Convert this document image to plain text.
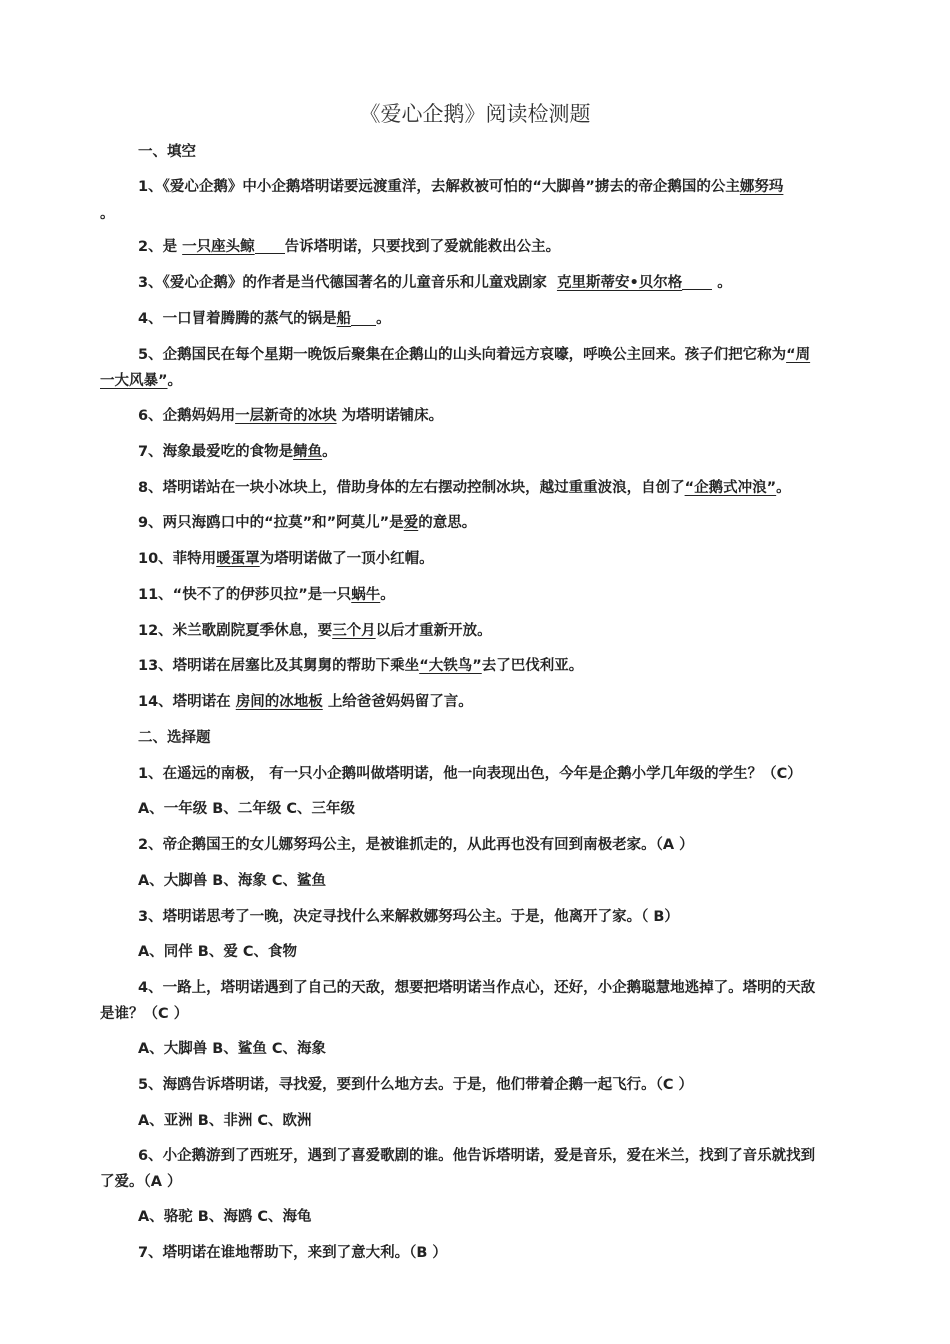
《爱心企鹅》阅读检测题
一、填空
1、《爱心企鹅》中小企鹅塔明诺要远渡重洋，去解救被可怕的“大脚兽”掳去的帝企鹅国的公主娜努玛
。
2、是 一只座头鲸 告诉塔明诺，只要找到了爱就能救出公主。
3、《爱心企鹅》的作者是当代德国著名的儿童音乐和儿童戏剧家 克里斯蒂安•贝尔格 。
4、一口冒着腾腾的蒸气的锅是船 。
5、企鹅国民在每个星期一晚饭后聚集在企鹅山的山头向着远方哀嚎，呼唤公主回来。孩子们把它称为“周
一大风暴”。
6、企鹅妈妈用一层新奇的冰块 为塔明诺铺床。
7、海象最爱吃的食物是鲭鱼。
8、塔明诺站在一块小冰块上，借助身体的左右摆动控制冰块，越过重重波浪，自创了“企鹅式冲浪”。
9、两只海鸥口中的“拉莫”和”阿莫儿”是爱的意思。
10、菲特用暖蛋罩为塔明诺做了一顶小红帽。
11、“快不了的伊莎贝拉”是一只蜗牛。
12、米兰歌剧院夏季休息，要三个月以后才重新开放。
13、塔明诺在居塞比及其舅舅的帮助下乘坐“大铁鸟”去了巴伐利亚。
14、塔明诺在 房间的冰地板 上给爸爸妈妈留了言。
二、选择题
1、在遥远的南极， 有一只小企鹅叫做塔明诺，他一向表现出色，今年是企鹅小学几年级的学生？（C）
A、一年级 B、二年级 C、三年级
2、帝企鹅国王的女儿娜努玛公主，是被谁抓走的，从此再也没有回到南极老家。（A ）
A、大脚兽 B、海象 C、鲨鱼
3、塔明诺思考了一晚，决定寻找什么来解救娜努玛公主。于是，他离开了家。（ B）
A、同伴 B、爱 C、食物
4、一路上，塔明诺遇到了自己的天敌，想要把塔明诺当作点心，还好，小企鹅聪慧地逃掉了。塔明的天敌
是谁？（C ）
A、大脚兽 B、鲨鱼 C、海象
5、海鸥告诉塔明诺，寻找爱，要到什么地方去。于是，他们带着企鹅一起飞行。（C ）
A、亚洲 B、非洲 C、欧洲
6、小企鹅游到了西班牙，遇到了喜爱歌剧的谁。他告诉塔明诺，爱是音乐，爱在米兰，找到了音乐就找到
了爱。（A ）
A、骆驼 B、海鸥 C、海龟
7、塔明诺在谁地帮助下，来到了意大利。（B ）
